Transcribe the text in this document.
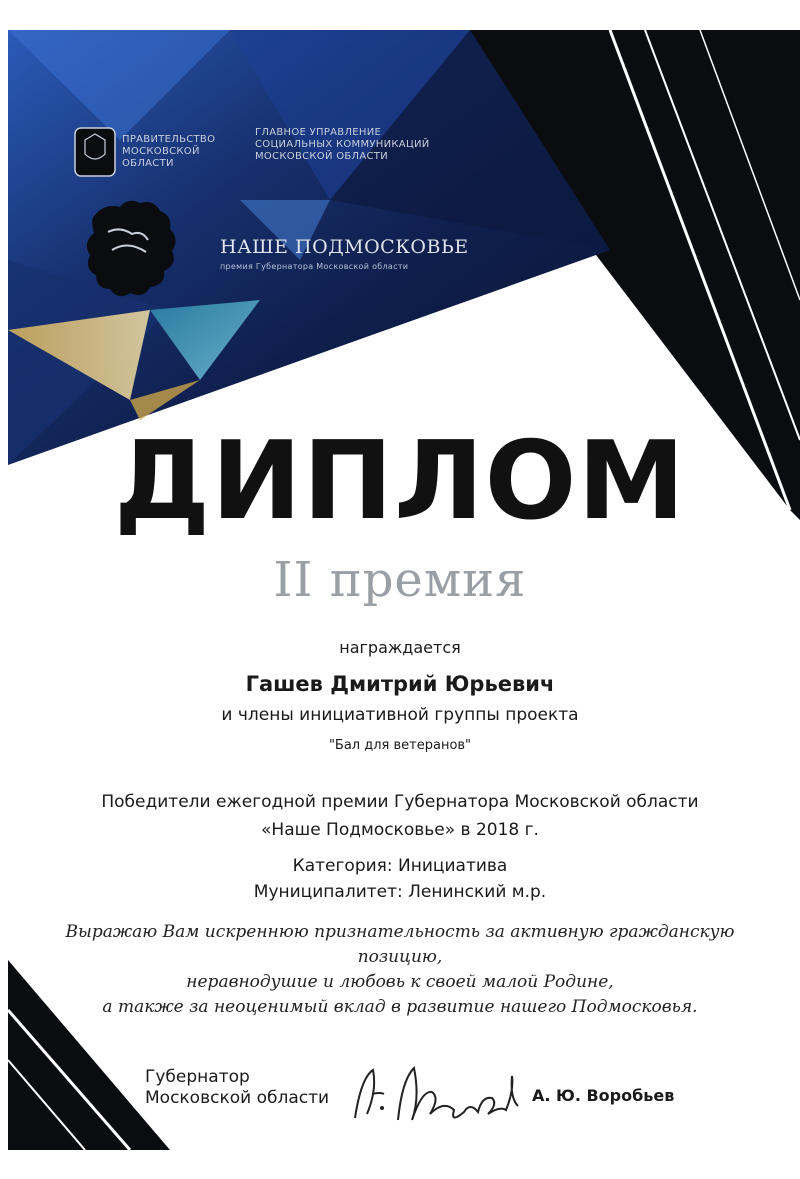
ПРАВИТЕЛЬСТВО МОСКОВСКОЙ ОБЛАСТИ
ГЛАВНОЕ УПРАВЛЕНИЕ
СОЦИАЛЬНЫХ КОММУНИКАЦИЙ
МОСКОВСКОЙ ОБЛАСТИ
НАШЕ ПОДМОСКОВЬЕ
премия Губернатора Московской области
ДИПЛОМ
II премия
награждается
Гашев Дмитрий Юрьевич
и члены инициативной группы проекта
"Бал для ветеранов"
Победители ежегодной премии Губернатора Московской области
«Наше Подмосковье» в 2018 г.
Категория: Инициатива
Муниципалитет: Ленинский м.р.
Выражаю Вам искреннюю признательность за активную гражданскую позицию,
неравнодушие и любовь к своей малой Родине,
а также за неоценимый вклад в развитие нашего Подмосковья.
Губернатор
Московской области	А. Ю. Воробьев
